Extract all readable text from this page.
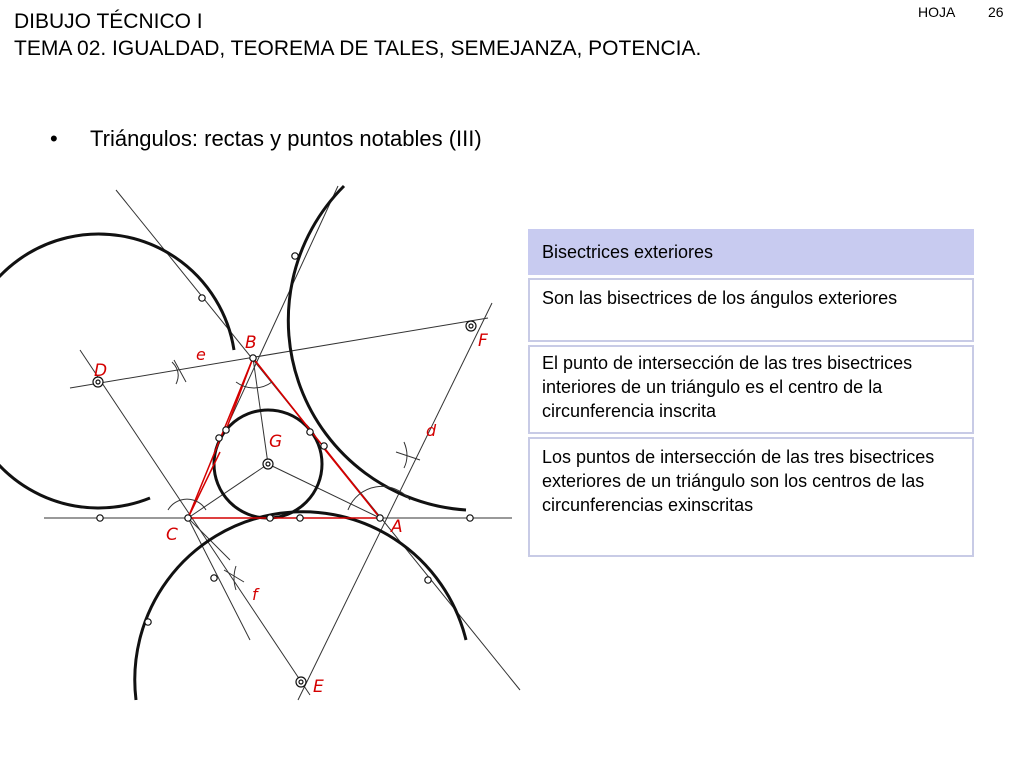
DIBUJO TÉCNICO I
TEMA 02. IGUALDAD, TEOREMA DE TALES, SEMEJANZA, POTENCIA.
HOJA 26
• Triángulos: rectas y puntos notables (III)
B
e
D
F
G
d
C	A
f
E
Bisectrices exteriores
Son las bisectrices de los ángulos exteriores
El punto de intersección de las tres bisectrices interiores de un triángulo es el centro de la circunferencia inscrita
Los puntos de intersección de las tres bisectrices exteriores de un triángulo son los centros de las circunferencias exinscritas
